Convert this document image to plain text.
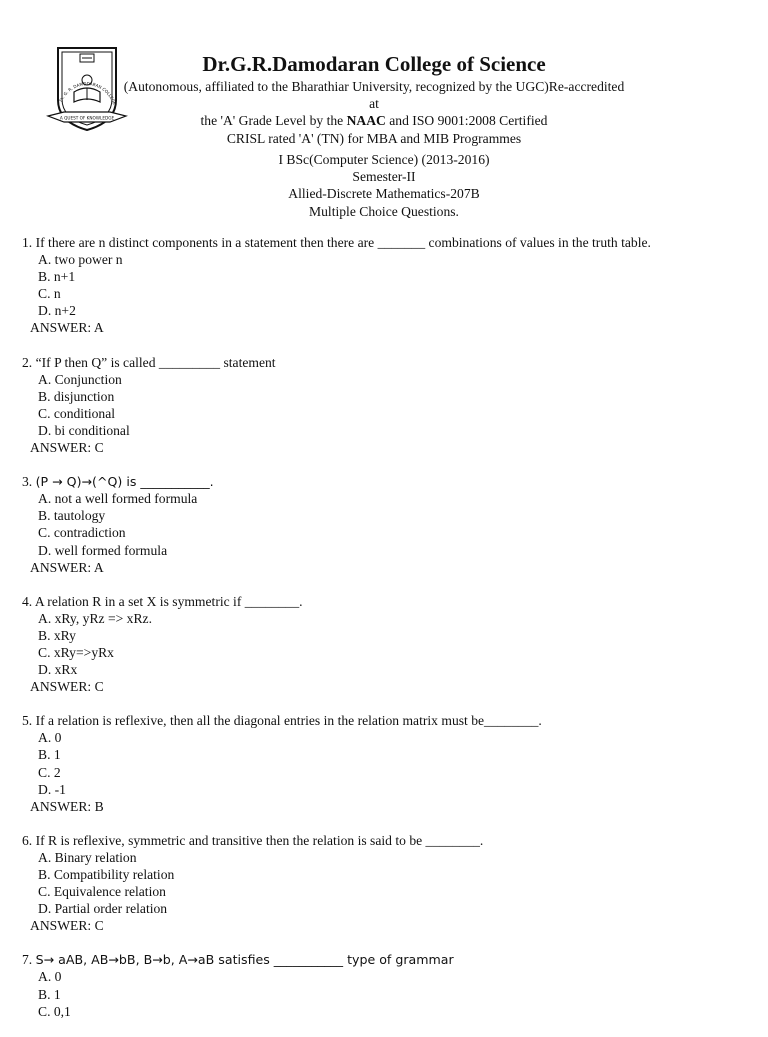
Dr. G. R. DAMODARAN COLLEGE
A QUEST OF KNOWLEDGE
Dr.G.R.Damodaran College of Science
(Autonomous, affiliated to the Bharathiar University, recognized by the UGC)Re-accredited at
the 'A' Grade Level by the NAAC and ISO 9001:2008 Certified
CRISL rated 'A' (TN) for MBA and MIB Programmes
I BSc(Computer Science) (2013-2016)
Semester-II
Allied-Discrete Mathematics-207B
Multiple Choice Questions.
1. If there are n distinct components in a statement then there are _______ combinations of values in the truth table.
A. two power n
B. n+1
C. n
D. n+2
ANSWER: A
2. “If P then Q” is called _________ statement
A. Conjunction
B. disjunction
C. conditional
D. bi conditional
ANSWER: C
3. (P → Q)→(^Q) is ___________.
A. not a well formed formula
B. tautology
C. contradiction
D. well formed formula
ANSWER: A
4. A relation R in a set X is symmetric if ________.
A. xRy, yRz => xRz.
B. xRy
C. xRy=>yRx
D. xRx
ANSWER: C
5. If a relation is reflexive, then all the diagonal entries in the relation matrix must be________.
A. 0
B. 1
C. 2
D. -1
ANSWER: B
6. If R is reflexive, symmetric and transitive then the relation is said to be ________.
A. Binary relation
B. Compatibility relation
C. Equivalence relation
D. Partial order relation
ANSWER: C
7. S→ aAB, AB→bB, B→b, A→aB satisfies ___________ type of grammar
A. 0
B. 1
C. 0,1
